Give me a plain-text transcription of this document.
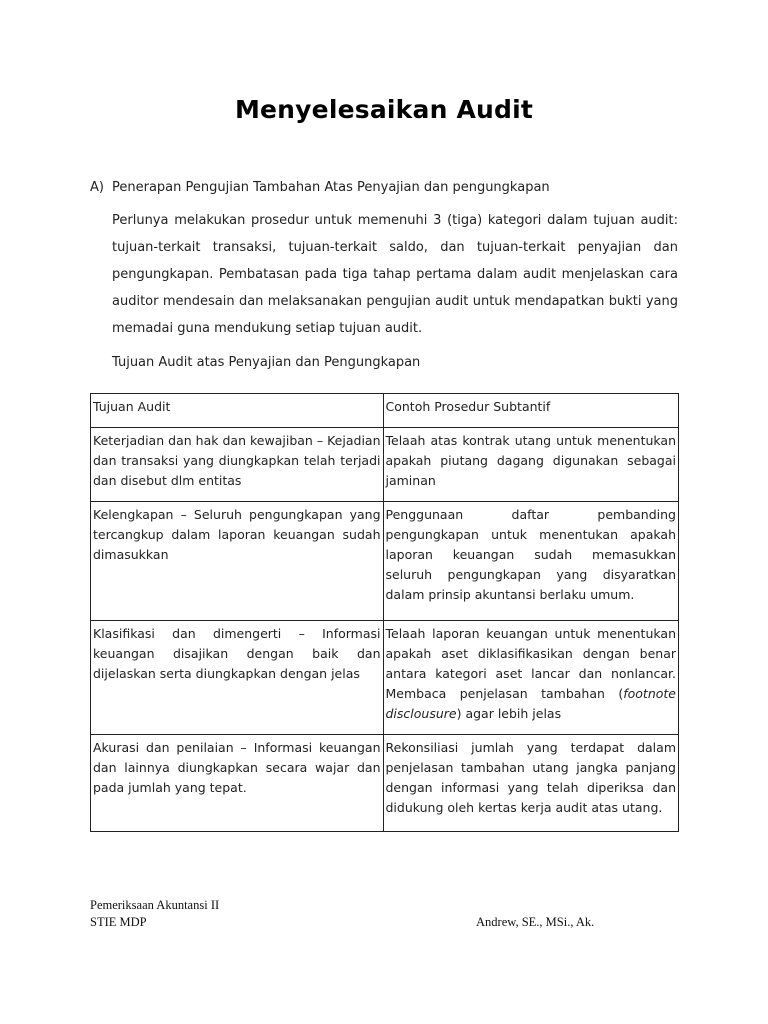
Menyelesaikan Audit
A) Penerapan Pengujian Tambahan Atas Penyajian dan pengungkapan
Perlunya melakukan prosedur untuk memenuhi 3 (tiga) kategori dalam tujuan audit: tujuan-terkait transaksi, tujuan-terkait saldo, dan tujuan-terkait penyajian dan pengungkapan. Pembatasan pada tiga tahap pertama dalam audit menjelaskan cara auditor mendesain dan melaksanakan pengujian audit untuk mendapatkan bukti yang memadai guna mendukung setiap tujuan audit.
Tujuan Audit atas Penyajian dan Pengungkapan
Tujuan Audit	Contoh Prosedur Subtantif
Keterjadian dan hak dan kewajiban – Kejadian dan transaksi yang diungkapkan telah terjadi dan disebut dlm entitas	Telaah atas kontrak utang untuk menentukan apakah piutang dagang digunakan sebagai jaminan
Kelengkapan – Seluruh pengungkapan yang tercangkup dalam laporan keuangan sudah dimasukkan	Penggunaan daftar pembanding pengungkapan untuk menentukan apakah laporan keuangan sudah memasukkan seluruh pengungkapan yang disyaratkan dalam prinsip akuntansi berlaku umum.
Klasifikasi dan dimengerti – Informasi keuangan disajikan dengan baik dan dijelaskan serta diungkapkan dengan jelas	Telaah laporan keuangan untuk menentukan apakah aset diklasifikasikan dengan benar antara kategori aset lancar dan nonlancar. Membaca penjelasan tambahan (footnote disclousure) agar lebih jelas
Akurasi dan penilaian – Informasi keuangan dan lainnya diungkapkan secara wajar dan pada jumlah yang tepat.	Rekonsiliasi jumlah yang terdapat dalam penjelasan tambahan utang jangka panjang dengan informasi yang telah diperiksa dan didukung oleh kertas kerja audit atas utang.
Pemeriksaan Akuntansi II
STIE MDP	Andrew, SE., MSi., Ak.
